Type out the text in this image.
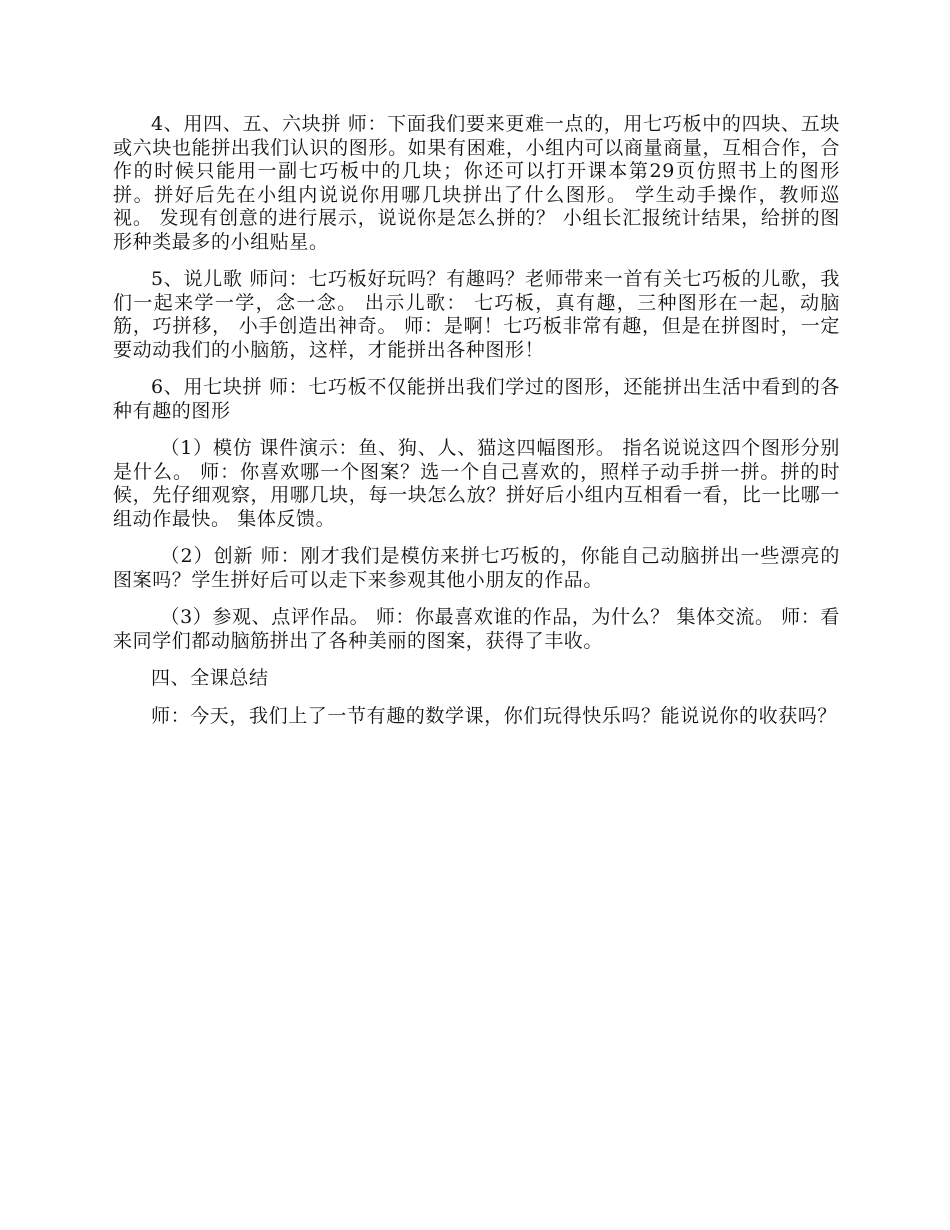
4、用四、五、六块拼 师：下面我们要来更难一点的，用七巧板中的四块、五块或六块也能拼出我们认识的图形。如果有困难，小组内可以商量商量，互相合作，合作的时候只能用一副七巧板中的几块；你还可以打开课本第29页仿照书上的图形拼。拼好后先在小组内说说你用哪几块拼出了什么图形。 学生动手操作，教师巡视。 发现有创意的进行展示，说说你是怎么拼的？ 小组长汇报统计结果，给拼的图形种类最多的小组贴星。

5、说儿歌 师问：七巧板好玩吗？有趣吗？老师带来一首有关七巧板的儿歌，我们一起来学一学，念一念。 出示儿歌： 七巧板，真有趣，三种图形在一起，动脑筋，巧拼移， 小手创造出神奇。 师：是啊！七巧板非常有趣，但是在拼图时，一定要动动我们的小脑筋，这样，才能拼出各种图形！

6、用七块拼 师：七巧板不仅能拼出我们学过的图形，还能拼出生活中看到的各种有趣的图形

（1）模仿 课件演示：鱼、狗、人、猫这四幅图形。 指名说说这四个图形分别是什么。 师：你喜欢哪一个图案？选一个自己喜欢的，照样子动手拼一拼。拼的时候，先仔细观察，用哪几块，每一块怎么放？拼好后小组内互相看一看，比一比哪一组动作最快。 集体反馈。

（2）创新 师：刚才我们是模仿来拼七巧板的，你能自己动脑拼出一些漂亮的图案吗？学生拼好后可以走下来参观其他小朋友的作品。

（3）参观、点评作品。 师：你最喜欢谁的作品，为什么？ 集体交流。 师：看来同学们都动脑筋拼出了各种美丽的图案，获得了丰收。

四、全课总结

师：今天，我们上了一节有趣的数学课，你们玩得快乐吗？能说说你的收获吗？
